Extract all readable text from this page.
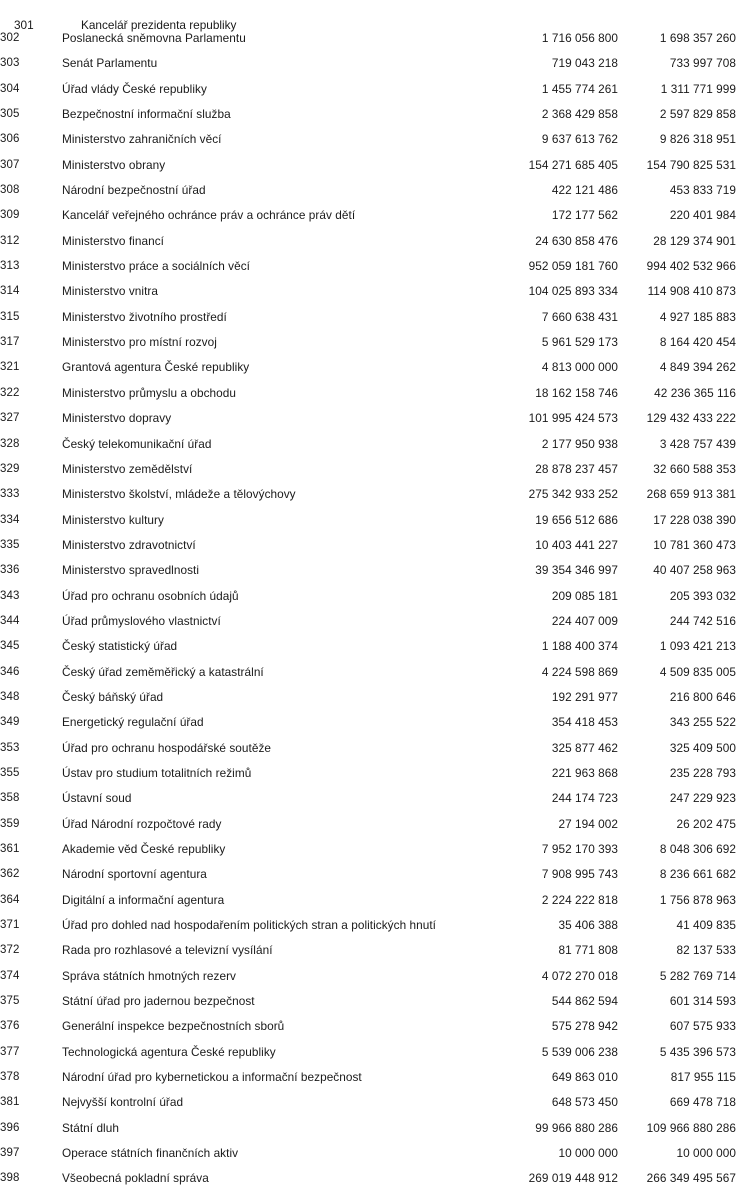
301 Kancelář prezidenta republiky			

302	Poslanecká sněmovna Parlamentu	1 716 056 800	1 698 357 260
303	Senát Parlamentu	719 043 218	733 997 708
304	Úřad vlády České republiky	1 455 774 261	1 311 771 999
305	Bezpečnostní informační služba	2 368 429 858	2 597 829 858
306	Ministerstvo zahraničních věcí	9 637 613 762	9 826 318 951
307	Ministerstvo obrany	154 271 685 405	154 790 825 531
308	Národní bezpečnostní úřad	422 121 486	453 833 719
309	Kancelář veřejného ochránce práv a ochránce práv dětí	172 177 562	220 401 984
312	Ministerstvo financí	24 630 858 476	28 129 374 901
313	Ministerstvo práce a sociálních věcí	952 059 181 760	994 402 532 966
314	Ministerstvo vnitra	104 025 893 334	114 908 410 873
315	Ministerstvo životního prostředí	7 660 638 431	4 927 185 883
317	Ministerstvo pro místní rozvoj	5 961 529 173	8 164 420 454
321	Grantová agentura České republiky	4 813 000 000	4 849 394 262
322	Ministerstvo průmyslu a obchodu	18 162 158 746	42 236 365 116
327	Ministerstvo dopravy	101 995 424 573	129 432 433 222
328	Český telekomunikační úřad	2 177 950 938	3 428 757 439
329	Ministerstvo zemědělství	28 878 237 457	32 660 588 353
333	Ministerstvo školství, mládeže a tělovýchovy	275 342 933 252	268 659 913 381
334	Ministerstvo kultury	19 656 512 686	17 228 038 390
335	Ministerstvo zdravotnictví	10 403 441 227	10 781 360 473
336	Ministerstvo spravedlnosti	39 354 346 997	40 407 258 963
343	Úřad pro ochranu osobních údajů	209 085 181	205 393 032
344	Úřad průmyslového vlastnictví	224 407 009	244 742 516
345	Český statistický úřad	1 188 400 374	1 093 421 213
346	Český úřad zeměměřický a katastrální	4 224 598 869	4 509 835 005
348	Český báňský úřad	192 291 977	216 800 646
349	Energetický regulační úřad	354 418 453	343 255 522
353	Úřad pro ochranu hospodářské soutěže	325 877 462	325 409 500
355	Ústav pro studium totalitních režimů	221 963 868	235 228 793
358	Ústavní soud	244 174 723	247 229 923
359	Úřad Národní rozpočtové rady	27 194 002	26 202 475
361	Akademie věd České republiky	7 952 170 393	8 048 306 692
362	Národní sportovní agentura	7 908 995 743	8 236 661 682
364	Digitální a informační agentura	2 224 222 818	1 756 878 963
371	Úřad pro dohled nad hospodařením politických stran a politických hnutí	35 406 388	41 409 835
372	Rada pro rozhlasové a televizní vysílání	81 771 808	82 137 533
374	Správa státních hmotných rezerv	4 072 270 018	5 282 769 714
375	Státní úřad pro jadernou bezpečnost	544 862 594	601 314 593
376	Generální inspekce bezpečnostních sborů	575 278 942	607 575 933
377	Technologická agentura České republiky	5 539 006 238	5 435 396 573
378	Národní úřad pro kybernetickou a informační bezpečnost	649 863 010	817 955 115
381	Nejvyšší kontrolní úřad	648 573 450	669 478 718
396	Státní dluh	99 966 880 286	109 966 880 286
397	Operace státních finančních aktiv	10 000 000	10 000 000
398	Všeobecná pokladní správa	269 019 448 912	266 349 495 567
